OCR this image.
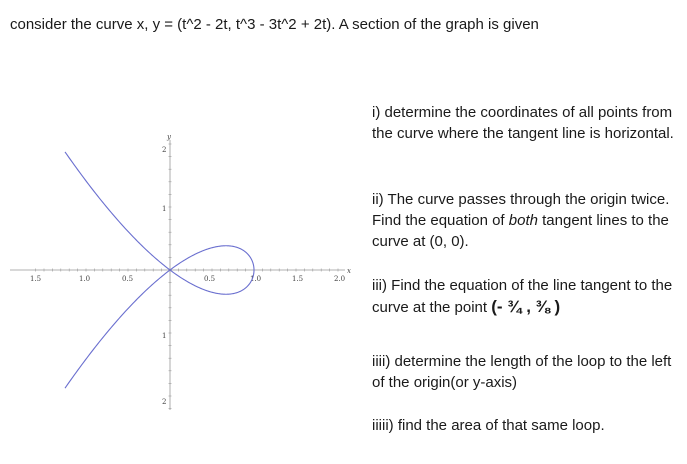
consider the curve x, y = (t^2 - 2t, t^3 - 3t^2 + 2t). A section of the graph is given
1.5	1.0	0.5	0.5	1.0	1.5	2.0
x
2
1
1
2
y
i) determine the coordinates of all points from the curve where the tangent line is horizontal.
ii) The curve passes through the origin twice. Find the equation of both tangent lines to the curve at (0, 0).
iii) Find the equation of the line tangent to the curve at the point (- ¾ , ⅜ )
iiii) determine the length of the loop to the left of the origin(or y-axis)
iiiii) find the area of that same loop.
